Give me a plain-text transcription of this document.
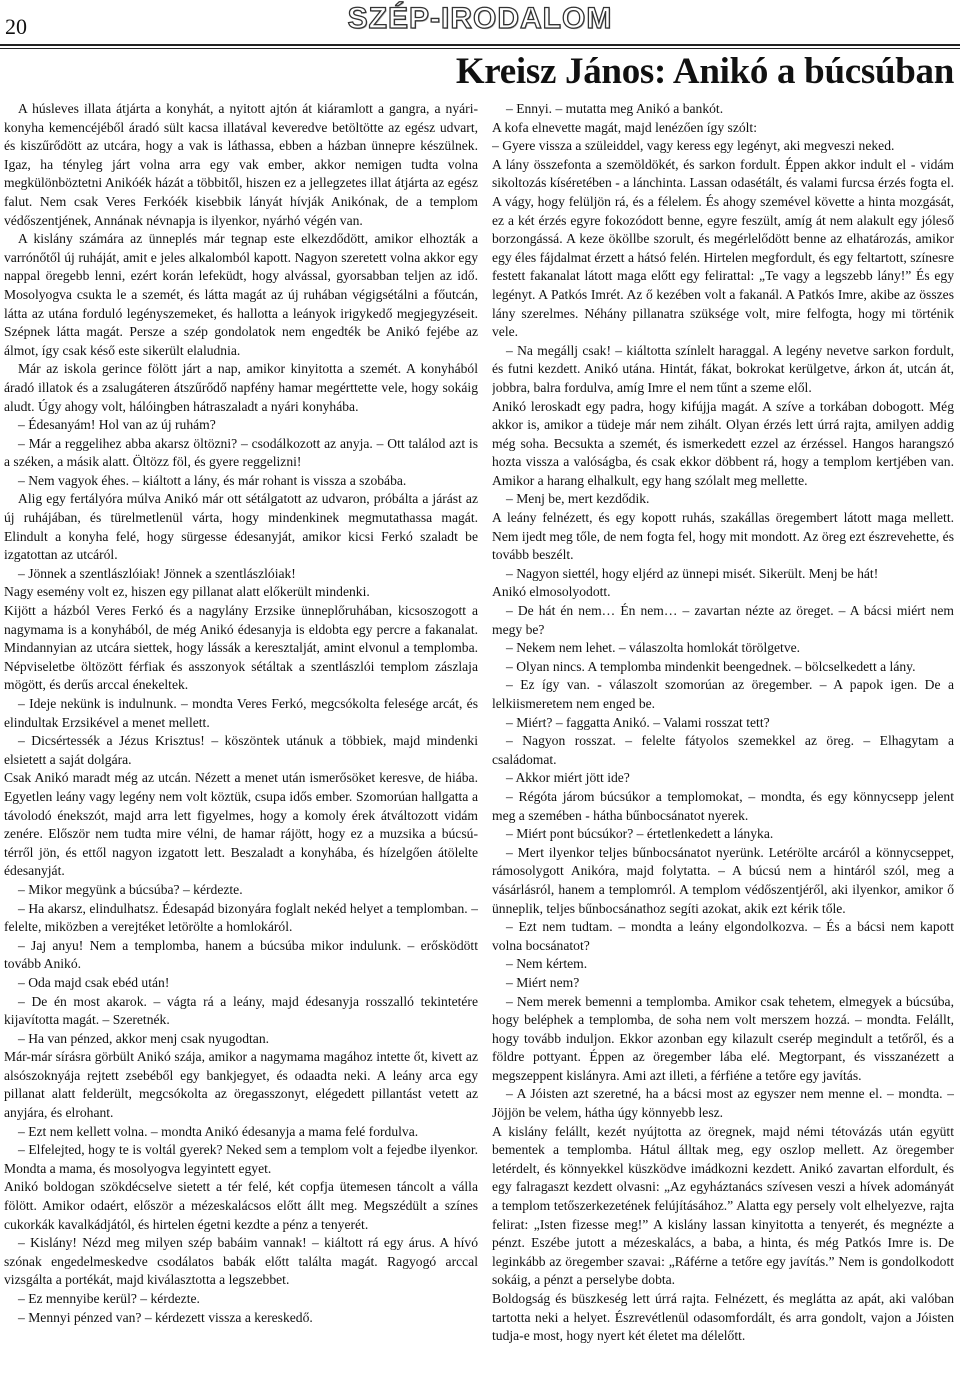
20	SZÉP-IRODALOM
Kreisz János: Anikó a búcsúban

A húsleves illata átjárta a konyhát, a nyitott ajtón át kiáramlott a gangra, a nyári-konyha kemencéjéből áradó sült kacsa illatával keveredve betöltötte az egész udvart, és kiszűrődött az utcára, hogy a vak is láthassa, ebben a házban ünnepre készülnek. Igaz, ha tényleg járt volna arra egy vak ember, akkor nemigen tudta volna megkülönböztetni Anikóék házát a többitől, hiszen ez a jellegzetes illat átjárta az egész falut. Nem csak Veres Ferkóék kisebbik lányát hívják Anikónak, de a templom védőszentjének, Annának névnapja is ilyenkor, nyárhó végén van.

A kislány számára az ünneplés már tegnap este elkezdődött, amikor elhozták a varrónőtől új ruháját, amit e jeles alkalomból kapott. Nagyon szeretett volna akkor egy nappal öregebb lenni, ezért korán lefeküdt, hogy alvással, gyorsabban teljen az idő. Mosolyogva csukta le a szemét, és látta magát az új ruhában végigsétálni a főutcán, látta az utána forduló legényszemeket, és hallotta a leányok irigykedő megjegyzéseit. Szépnek látta magát. Persze a szép gondolatok nem engedték be Anikó fejébe az álmot, így csak késő este sikerült elaludnia.

Már az iskola gerince fölött járt a nap, amikor kinyitotta a szemét. A konyhából áradó illatok és a zsalugáteren átszűrődő napfény hamar megérttette vele, hogy sokáig aludt. Úgy ahogy volt, hálóingben hátraszaladt a nyári konyhába.

– Édesanyám! Hol van az új ruhám?

– Már a reggelihez abba akarsz öltözni? – csodálkozott az anyja. – Ott találod azt is a széken, a másik alatt. Öltözz föl, és gyere reggelizni!

– Nem vagyok éhes. – kiáltott a lány, és már rohant is vissza a szobába.

Alig egy fertályóra múlva Anikó már ott sétálgatott az udvaron, próbálta a járást az új ruhájában, és türelmetlenül várta, hogy mindenkinek megmutathassa magát. Elindult a konyha felé, hogy sürgesse édesanyját, amikor kicsi Ferkó szaladt be izgatottan az utcáról.

– Jönnek a szentlászlóiak! Jönnek a szentlászlóiak!

Nagy esemény volt ez, hiszen egy pillanat alatt előkerült mindenki.

Kijött a házból Veres Ferkó és a nagylány Erzsike ünneplőruhában, kicsoszogott a nagymama is a konyhából, de még Anikó édesanyja is eldobta egy percre a fakanalat. Mindannyian az utcára siettek, hogy lássák a keresztalját, amint elvonul a templomba. Népviseletbe öltözött férfiak és asszonyok sétáltak a szentlászlói templom zászlaja mögött, és derűs arccal énekeltek.

– Ideje nekünk is indulnunk. – mondta Veres Ferkó, megcsókolta felesége arcát, és elindultak Erzsikével a menet mellett.

– Dicsértessék a Jézus Krisztus! – köszöntek utánuk a többiek, majd mindenki elsietett a saját dolgára.

Csak Anikó maradt még az utcán. Nézett a menet után ismerősöket keresve, de hiába. Egyetlen leány vagy legény nem volt köztük, csupa idős ember. Szomorúan hallgatta a távolodó énekszót, majd arra lett figyelmes, hogy a komoly érek átváltozott vidám zenére. Először nem tudta mire vélni, de hamar rájött, hogy ez a muzsika a búcsú-térről jön, és ettől nagyon izgatott lett. Beszaladt a konyhába, és hízelgően átölelte édesanyját.

– Mikor megyünk a búcsúba? – kérdezte.

– Ha akarsz, elindulhatsz. Édesapád bizonyára foglalt nekéd helyet a templomban. – felelte, miközben a verejtéket letörölte a homlokáról.

– Jaj anyu! Nem a templomba, hanem a búcsúba mikor indulunk. – erősködött tovább Anikó.

– Oda majd csak ebéd után!

– De én most akarok. – vágta rá a leány, majd édesanyja rosszalló tekintetére kijavította magát. – Szeretnék.

– Ha van pénzed, akkor menj csak nyugodtan.

Már-már sírásra görbült Anikó szája, amikor a nagymama magához intette őt, kivett az alsószoknyája rejtett zsebéből egy bankjegyet, és odaadta neki. A leány arca egy pillanat alatt felderült, megcsókolta az öregasszonyt, elégedett pillantást vetett az anyjára, és elrohant.

– Ezt nem kellett volna. – mondta Anikó édesanyja a mama felé fordulva.

– Elfelejted, hogy te is voltál gyerek? Neked sem a templom volt a fejedbe ilyenkor. Mondta a mama, és mosolyogva legyintett egyet.

Anikó boldogan szökdécselve sietett a tér felé, két copfja ütemesen táncolt a válla fölött. Amikor odaért, először a mézeskalácsos előtt állt meg. Megszédült a színes cukorkák kavalkádjától, és hirtelen égetni kezdte a pénz a tenyerét.

– Kislány! Nézd meg milyen szép babáim vannak! – kiáltott rá egy árus. A hívó szónak engedelmeskedve csodálatos babák előtt találta magát. Ragyogó arccal vizsgálta a portékát, majd kiválasztotta a legszebbet.

– Ez mennyibe kerül? – kérdezte.

– Mennyi pénzed van? – kérdezett vissza a kereskedő.

– Ennyi. – mutatta meg Anikó a bankót.

A kofa elnevette magát, majd lenézően így szólt:

– Gyere vissza a szüleiddel, vagy keress egy legényt, aki megveszi neked.

A lány összefonta a szemöldökét, és sarkon fordult. Éppen akkor indult el - vidám sikoltozás kíséretében - a lánchinta. Lassan odasétált, és valami furcsa érzés fogta el. A vágy, hogy felüljön rá, és a félelem. És ahogy szemével követte a hinta mozgását, ez a két érzés egyre fokozódott benne, egyre feszült, amíg át nem alakult egy jóleső borzongássá. A keze ököllbe szorult, és megérlelődött benne az elhatározás, amikor egy éles fájdalmat érzett a hátsó felén. Hirtelen megfordult, és egy feltartott, színesre festett fakanalat látott maga előtt egy felirattal: „Te vagy a legszebb lány!” És egy legényt. A Patkós Imrét. Az ő kezében volt a fakanál. A Patkós Imre, akibe az összes lány szerelmes. Néhány pillanatra szüksége volt, mire felfogta, hogy mi történik vele.

– Na megállj csak! – kiáltotta színlelt haraggal. A legény nevetve sarkon fordult, és futni kezdett. Anikó utána. Hintát, fákat, bokrokat kerülgetve, árkon át, utcán át, jobbra, balra fordulva, amíg Imre el nem tűnt a szeme elől.

Anikó leroskadt egy padra, hogy kifújja magát. A szíve a torkában dobogott. Még akkor is, amikor a tüdeje már nem zihált. Olyan érzés lett úrrá rajta, amilyen addig még soha. Becsukta a szemét, és ismerkedett ezzel az érzéssel. Hangos harangszó hozta vissza a valóságba, és csak ekkor döbbent rá, hogy a templom kertjében van. Amikor a harang elhalkult, egy hang szólalt meg mellette.

– Menj be, mert kezdődik.

A leány felnézett, és egy kopott ruhás, szakállas öregembert látott maga mellett. Nem ijedt meg tőle, de nem fogta fel, hogy mit mondott. Az öreg ezt észrevehette, és tovább beszélt.

– Nagyon siettél, hogy eljérd az ünnepi misét. Sikerült. Menj be hát!

Anikó elmosolyodott.

– De hát én nem… Én nem… – zavartan nézte az öreget. – A bácsi miért nem megy be?

– Nekem nem lehet. – válaszolta homlokát törölgetve.

– Olyan nincs. A templomba mindenkit beengednek. – bölcselkedett a lány.

– Ez így van. - válaszolt szomorúan az öregember. – A papok igen. De a lelkiismeretem nem enged be.

– Miért? – faggatta Anikó. – Valami rosszat tett?

– Nagyon rosszat. – felelte fátyolos szemekkel az öreg. – Elhagytam a családomat.

– Akkor miért jött ide?

– Régóta járom búcsúkor a templomokat, – mondta, és egy könnycsepp jelent meg a szemében - hátha bűnbocsánatot nyerek.

– Miért pont búcsúkor? – értetlenkedett a lányka.

– Mert ilyenkor teljes bűnbocsánatot nyerünk. Letérölte arcáról a könnycseppet, rámosolygott Anikóra, majd folytatta. – A búcsú nem a hintáról szól, meg a vásárlásról, hanem a templomról. A templom védőszentjéről, aki ilyenkor, amikor ő ünneplik, teljes bűnbocsánathoz segíti azokat, akik ezt kérik tőle.

– Ezt nem tudtam. – mondta a leány elgondolkozva. – És a bácsi nem kapott volna bocsánatot?

– Nem kértem.

– Miért nem?

– Nem merek bemenni a templomba. Amikor csak tehetem, elmegyek a búcsúba, hogy beléphek a templomba, de soha nem volt merszem hozzá. – mondta. Felállt, hogy tovább induljon. Ekkor azonban egy kilazult cserép megindult a tetőről, és a földre pottyant. Éppen az öregember lába elé. Megtorpant, és visszanézett a megszeppent kislányra. Ami azt illeti, a férfiéne a tetőre egy javítás.

– A Jóisten azt szeretné, ha a bácsi most az egyszer nem menne el. – mondta. – Jöjjön be velem, hátha úgy könnyebb lesz.

A kislány felállt, kezét nyújtotta az öregnek, majd némi tétovázás után együtt bementek a templomba. Hátul álltak meg, egy oszlop mellett. Az öregember letérdelt, és könnyekkel küszködve imádkozni kezdett. Anikó zavartan elfordult, és egy falragaszt kezdett olvasni: „Az egyháztanács szívesen veszi a hívek adományát a templom tetőszerkezetének felújításához.” Alatta egy persely volt elhelyezve, rajta felirat: „Isten fizesse meg!” A kislány lassan kinyitotta a tenyerét, és megnézte a pénzt. Eszébe jutott a mézeskalács, a baba, a hinta, és még Patkós Imre is. De leginkább az öregember szavai: „Ráférne a tetőre egy javítás.” Nem is gondolkodott sokáig, a pénzt a perselybe dobta.

Boldogság és büszkeség lett úrrá rajta. Felnézett, és meglátta az apát, aki valóban tartotta neki a helyet. Észrevétlenül odasomfordált, és arra gondolt, vajon a Jóisten tudja-e most, hogy nyert két életet ma délelőtt.
